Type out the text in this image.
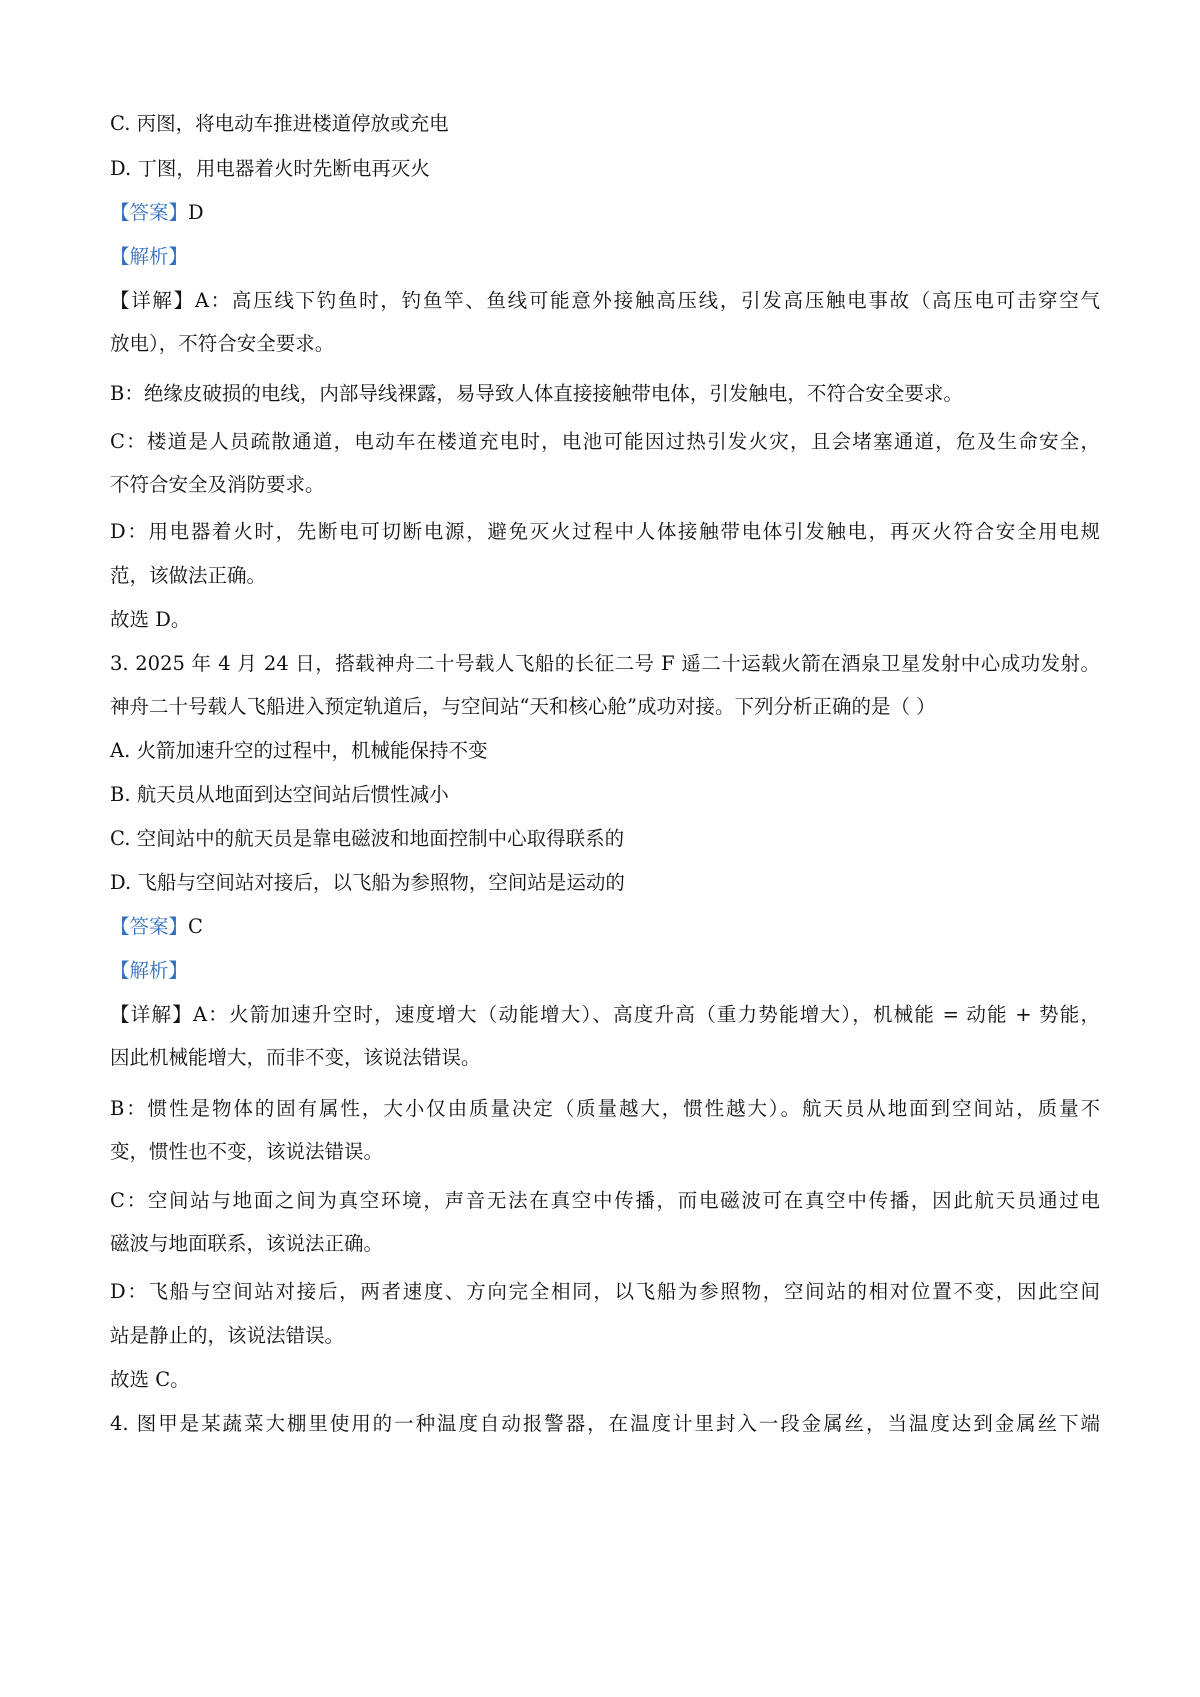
C. 丙图，将电动车推进楼道停放或充电
D. 丁图，用电器着火时先断电再灭火
【答案】D
【解析】
【详解】A：高压线下钓鱼时，钓鱼竿、鱼线可能意外接触高压线，引发高压触电事故（高压电可击穿空气
放电），不符合安全要求。
B：绝缘皮破损的电线，内部导线裸露，易导致人体直接接触带电体，引发触电，不符合安全要求。
C：楼道是人员疏散通道，电动车在楼道充电时，电池可能因过热引发火灾，且会堵塞通道，危及生命安全，
不符合安全及消防要求。
D：用电器着火时，先断电可切断电源，避免灭火过程中人体接触带电体引发触电，再灭火符合安全用电规
范，该做法正确。
故选 D。
3. 2025 年 4 月 24 日，搭载神舟二十号载人飞船的长征二号 F 遥二十运载火箭在酒泉卫星发射中心成功发射。
神舟二十号载人飞船进入预定轨道后，与空间站“天和核心舱”成功对接。下列分析正确的是（ ）
A. 火箭加速升空的过程中，机械能保持不变
B. 航天员从地面到达空间站后惯性减小
C. 空间站中的航天员是靠电磁波和地面控制中心取得联系的
D. 飞船与空间站对接后，以飞船为参照物，空间站是运动的
【答案】C
【解析】
【详解】A：火箭加速升空时，速度增大（动能增大）、高度升高（重力势能增大），机械能 = 动能 + 势能，
因此机械能增大，而非不变，该说法错误。
B：惯性是物体的固有属性，大小仅由质量决定（质量越大，惯性越大）。航天员从地面到空间站，质量不
变，惯性也不变，该说法错误。
C：空间站与地面之间为真空环境，声音无法在真空中传播，而电磁波可在真空中传播，因此航天员通过电
磁波与地面联系，该说法正确。
D：飞船与空间站对接后，两者速度、方向完全相同，以飞船为参照物，空间站的相对位置不变，因此空间
站是静止的，该说法错误。
故选 C。
4. 图甲是某蔬菜大棚里使用的一种温度自动报警器，在温度计里封入一段金属丝，当温度达到金属丝下端
